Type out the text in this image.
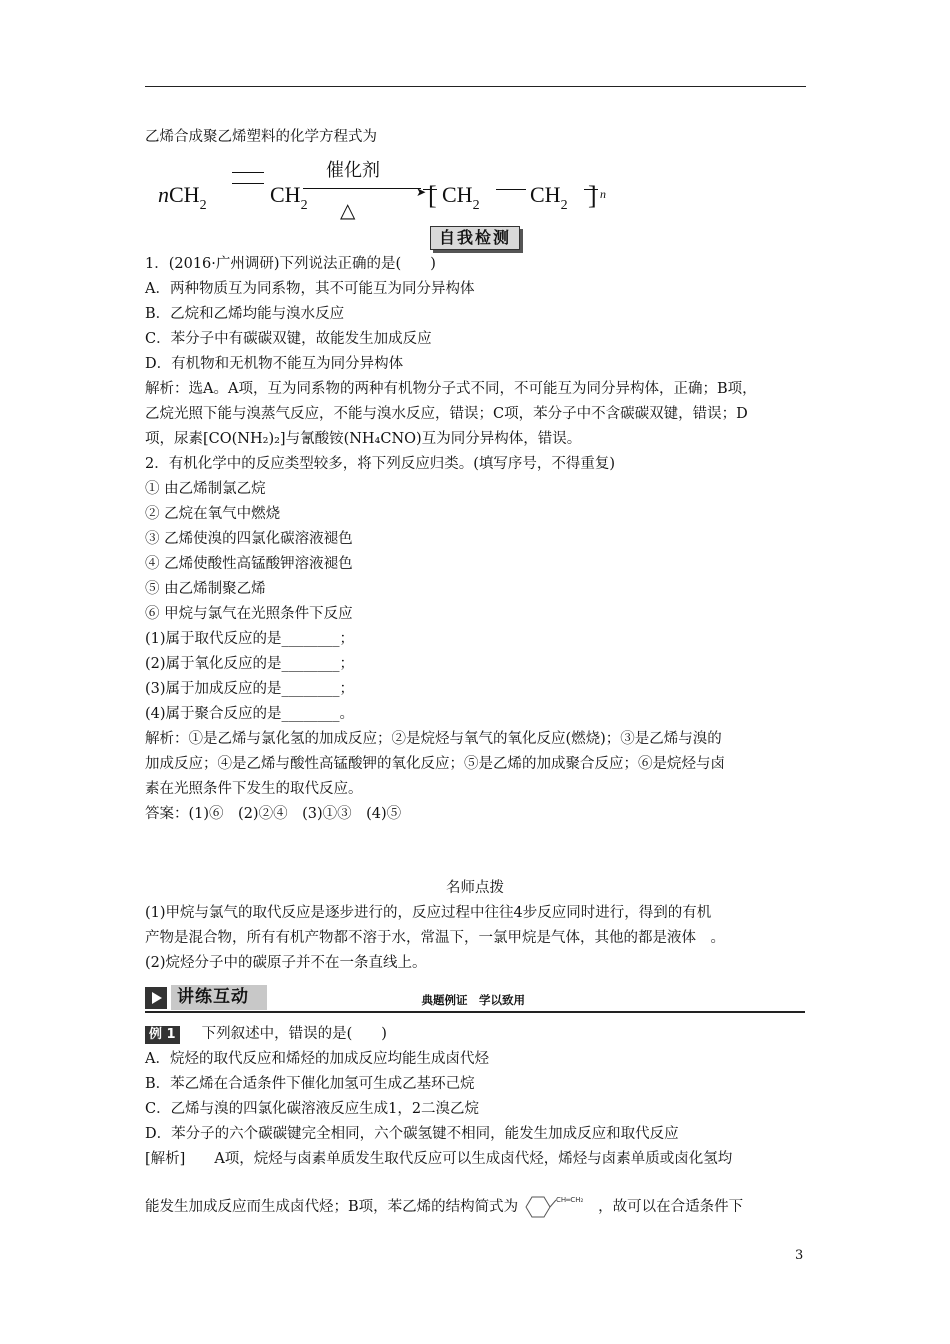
乙烯合成聚乙烯塑料的化学方程式为
nCH$_2$	$CH_2$
催化剂
➤
△
[ $CH_2$ $CH_2$ ] n
自我检测
1．(2016·广州调研)下列说法正确的是(　　)
A．两种物质互为同系物，其不可能互为同分异构体
B．乙烷和乙烯均能与溴水反应
C．苯分子中有碳碳双键，故能发生加成反应
D．有机物和无机物不能互为同分异构体
解析：选A。A项，互为同系物的两种有机物分子式不同，不可能互为同分异构体，正确；B项，
乙烷光照下能与溴蒸气反应，不能与溴水反应，错误；C项，苯分子中不含碳碳双键，错误；D
项，尿素[CO(NH₂)₂]与氰酸铵(NH₄CNO)互为同分异构体，错误。
2．有机化学中的反应类型较多，将下列反应归类。(填写序号，不得重复)
① 由乙烯制氯乙烷
② 乙烷在氧气中燃烧
③ 乙烯使溴的四氯化碳溶液褪色
④ 乙烯使酸性高锰酸钾溶液褪色
⑤ 由乙烯制聚乙烯
⑥ 甲烷与氯气在光照条件下反应
(1)属于取代反应的是________；
(2)属于氧化反应的是________；
(3)属于加成反应的是________；
(4)属于聚合反应的是________。
解析：①是乙烯与氯化氢的加成反应；②是烷烃与氧气的氧化反应(燃烧)；③是乙烯与溴的
加成反应；④是乙烯与酸性高锰酸钾的氧化反应；⑤是乙烯的加成聚合反应；⑥是烷烃与卤
素在光照条件下发生的取代反应。
答案：(1)⑥　(2)②④　(3)①③　(4)⑤
名师点拨
(1)甲烷与氯气的取代反应是逐步进行的，反应过程中往往4步反应同时进行，得到的有机
产物是混合物，所有有机产物都不溶于水，常温下，一氯甲烷是气体，其他的都是液体　。
(2)烷烃分子中的碳原子并不在一条直线上。
讲练互动	典题例证　学以致用
例 1 下列叙述中，错误的是(　　)
A．烷烃的取代反应和烯烃的加成反应均能生成卤代烃
B．苯乙烯在合适条件下催化加氢可生成乙基环己烷
C．乙烯与溴的四氯化碳溶液反应生成1，2二溴乙烷
D．苯分子的六个碳碳键完全相同，六个碳氢键不相同，能发生加成反应和取代反应
[解析]　　A项，烷烃与卤素单质发生取代反应可以生成卤代烃，烯烃与卤素单质或卤化氢均
能发生加成反应而生成卤代烃；B项，苯乙烯的结构简式为	CH═CH₂ ，故可以在合适条件下
3
